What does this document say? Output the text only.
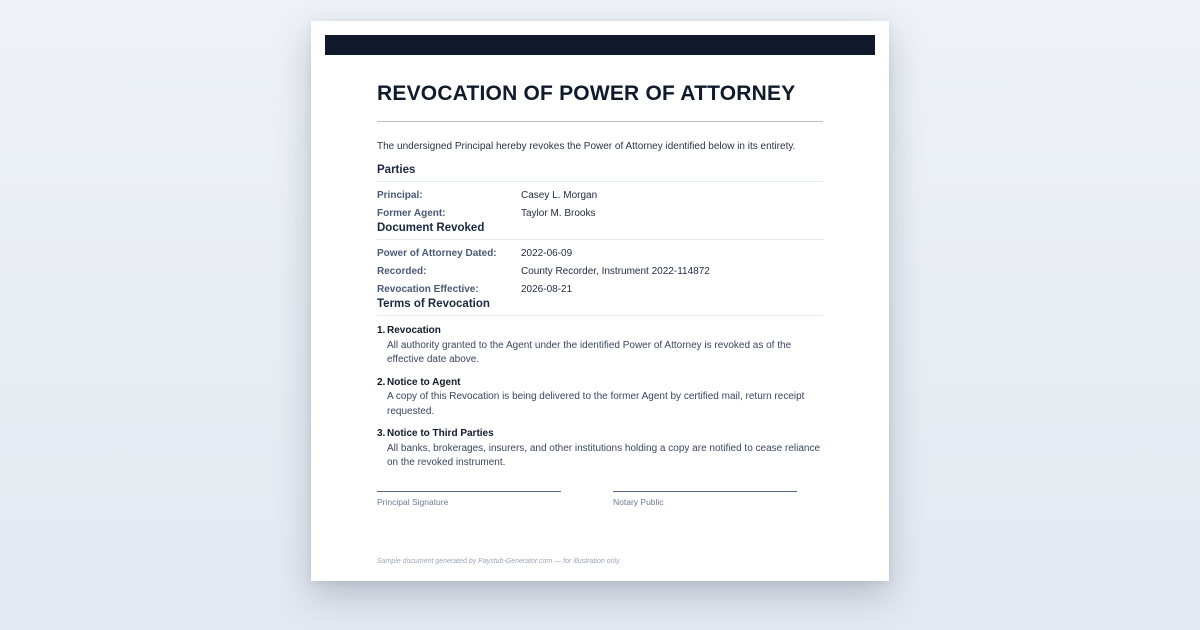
REVOCATION OF POWER OF ATTORNEY
The undersigned Principal hereby revokes the Power of Attorney identified below in its entirety.
Parties
Principal:	Casey L. Morgan
Former Agent:	Taylor M. Brooks
Document Revoked
Power of Attorney Dated:	2022-06-09
Recorded:	County Recorder, Instrument 2022-114872
Revocation Effective:	2026-08-21
Terms of Revocation
1. Revocation
All authority granted to the Agent under the identified Power of Attorney is revoked as of the effective date above.
2. Notice to Agent
A copy of this Revocation is being delivered to the former Agent by certified mail, return receipt requested.
3. Notice to Third Parties
All banks, brokerages, insurers, and other institutions holding a copy are notified to cease reliance on the revoked instrument.
Principal Signature	Notary Public
Sample document generated by Paystub-Generator.com — for illustration only.
